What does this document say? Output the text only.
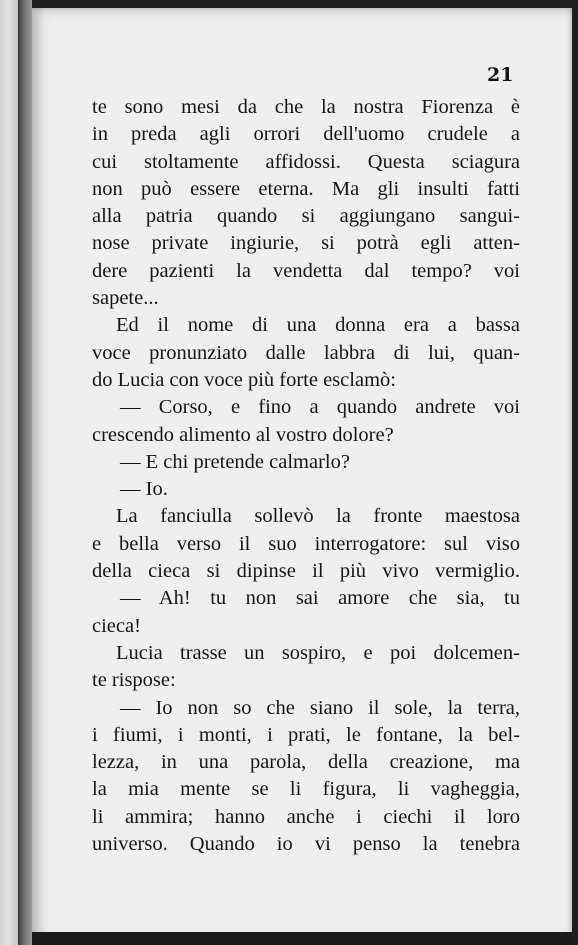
21
te sono mesi da che la nostra Fiorenza è
in preda agli orrori dell'uomo crudele a
cui stoltamente affidossi. Questa sciagura
non può essere eterna. Ma gli insulti fatti
alla patria quando si aggiungano sangui-
nose private ingiurie, si potrà egli atten-
dere pazienti la vendetta dal tempo? voi
sapete...
Ed il nome di una donna era a bassa
voce pronunziato dalle labbra di lui, quan-
do Lucia con voce più forte esclamò:
— Corso, e fino a quando andrete voi
crescendo alimento al vostro dolore?
— E chi pretende calmarlo?
— Io.
La fanciulla sollevò la fronte maestosa
e bella verso il suo interrogatore: sul viso
della cieca si dipinse il più vivo vermiglio.
— Ah! tu non sai amore che sia, tu
cieca!
Lucia trasse un sospiro, e poi dolcemen-
te rispose:
— Io non so che siano il sole, la terra,
i fiumi, i monti, i prati, le fontane, la bel-
lezza, in una parola, della creazione, ma
la mia mente se li figura, li vagheggia,
li ammira; hanno anche i ciechi il loro
universo. Quando io vi penso la tenebra
